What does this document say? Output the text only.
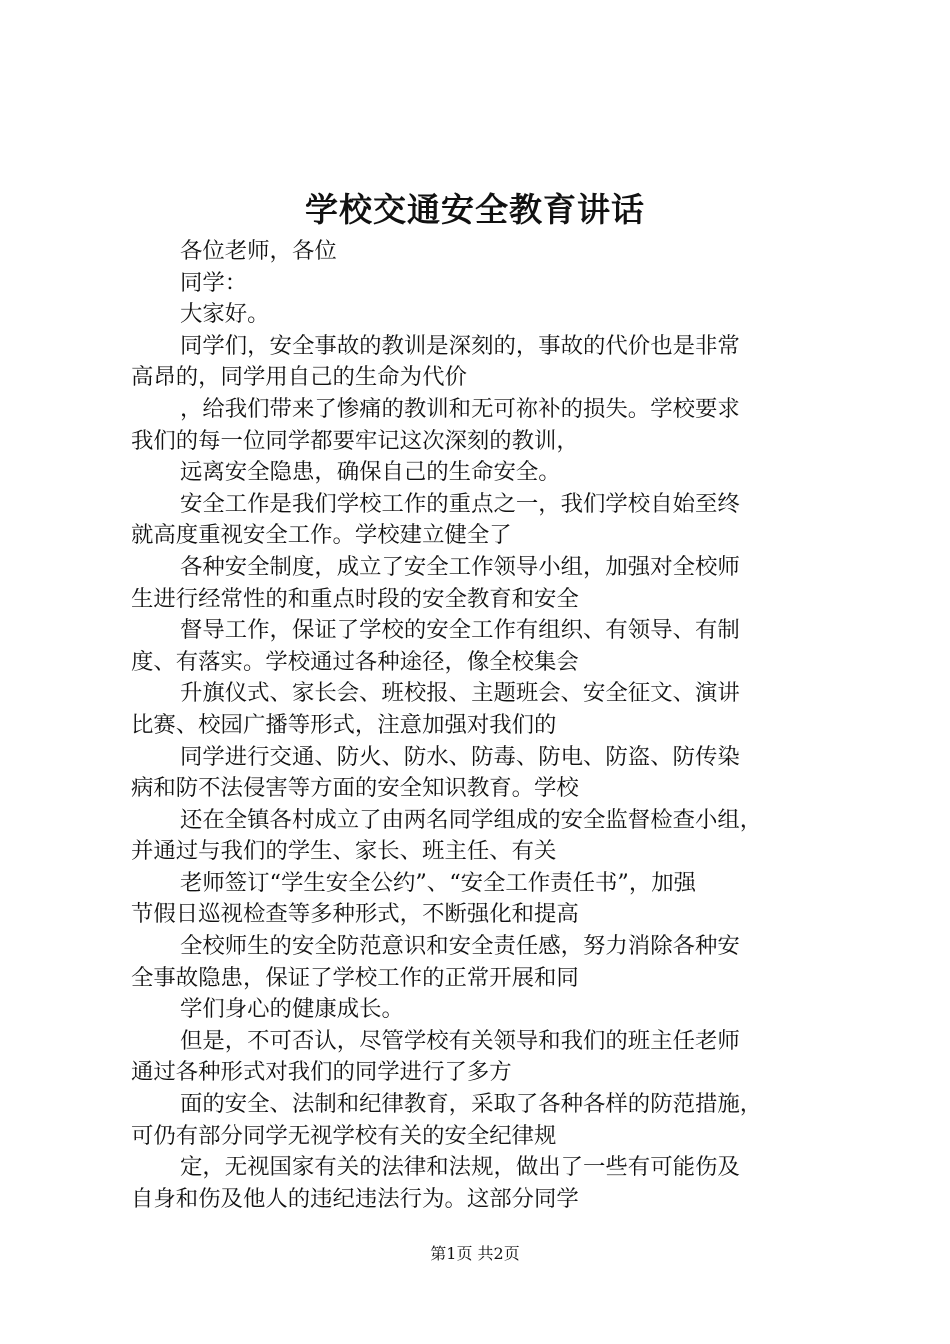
学校交通安全教育讲话
各位老师，各位
同学：
大家好。
同学们，安全事故的教训是深刻的，事故的代价也是非常
高昂的，同学用自己的生命为代价
，给我们带来了惨痛的教训和无可祢补的损失。学校要求
我们的每一位同学都要牢记这次深刻的教训，
远离安全隐患，确保自己的生命安全。
安全工作是我们学校工作的重点之一，我们学校自始至终
就高度重视安全工作。学校建立健全了
各种安全制度，成立了安全工作领导小组，加强对全校师
生进行经常性的和重点时段的安全教育和安全
督导工作，保证了学校的安全工作有组织、有领导、有制
度、有落实。学校通过各种途径，像全校集会
升旗仪式、家长会、班校报、主题班会、安全征文、演讲
比赛、校园广播等形式，注意加强对我们的
同学进行交通、防火、防水、防毒、防电、防盗、防传染
病和防不法侵害等方面的安全知识教育。学校
还在全镇各村成立了由两名同学组成的安全监督检查小组，
并通过与我们的学生、家长、班主任、有关
老师签订“学生安全公约”、“安全工作责任书”，加强
节假日巡视检查等多种形式，不断强化和提高
全校师生的安全防范意识和安全责任感，努力消除各种安
全事故隐患，保证了学校工作的正常开展和同
学们身心的健康成长。
但是，不可否认，尽管学校有关领导和我们的班主任老师
通过各种形式对我们的同学进行了多方
面的安全、法制和纪律教育，采取了各种各样的防范措施，
可仍有部分同学无视学校有关的安全纪律规
定，无视国家有关的法律和法规，做出了一些有可能伤及
自身和伤及他人的违纪违法行为。这部分同学
第1页 共2页
